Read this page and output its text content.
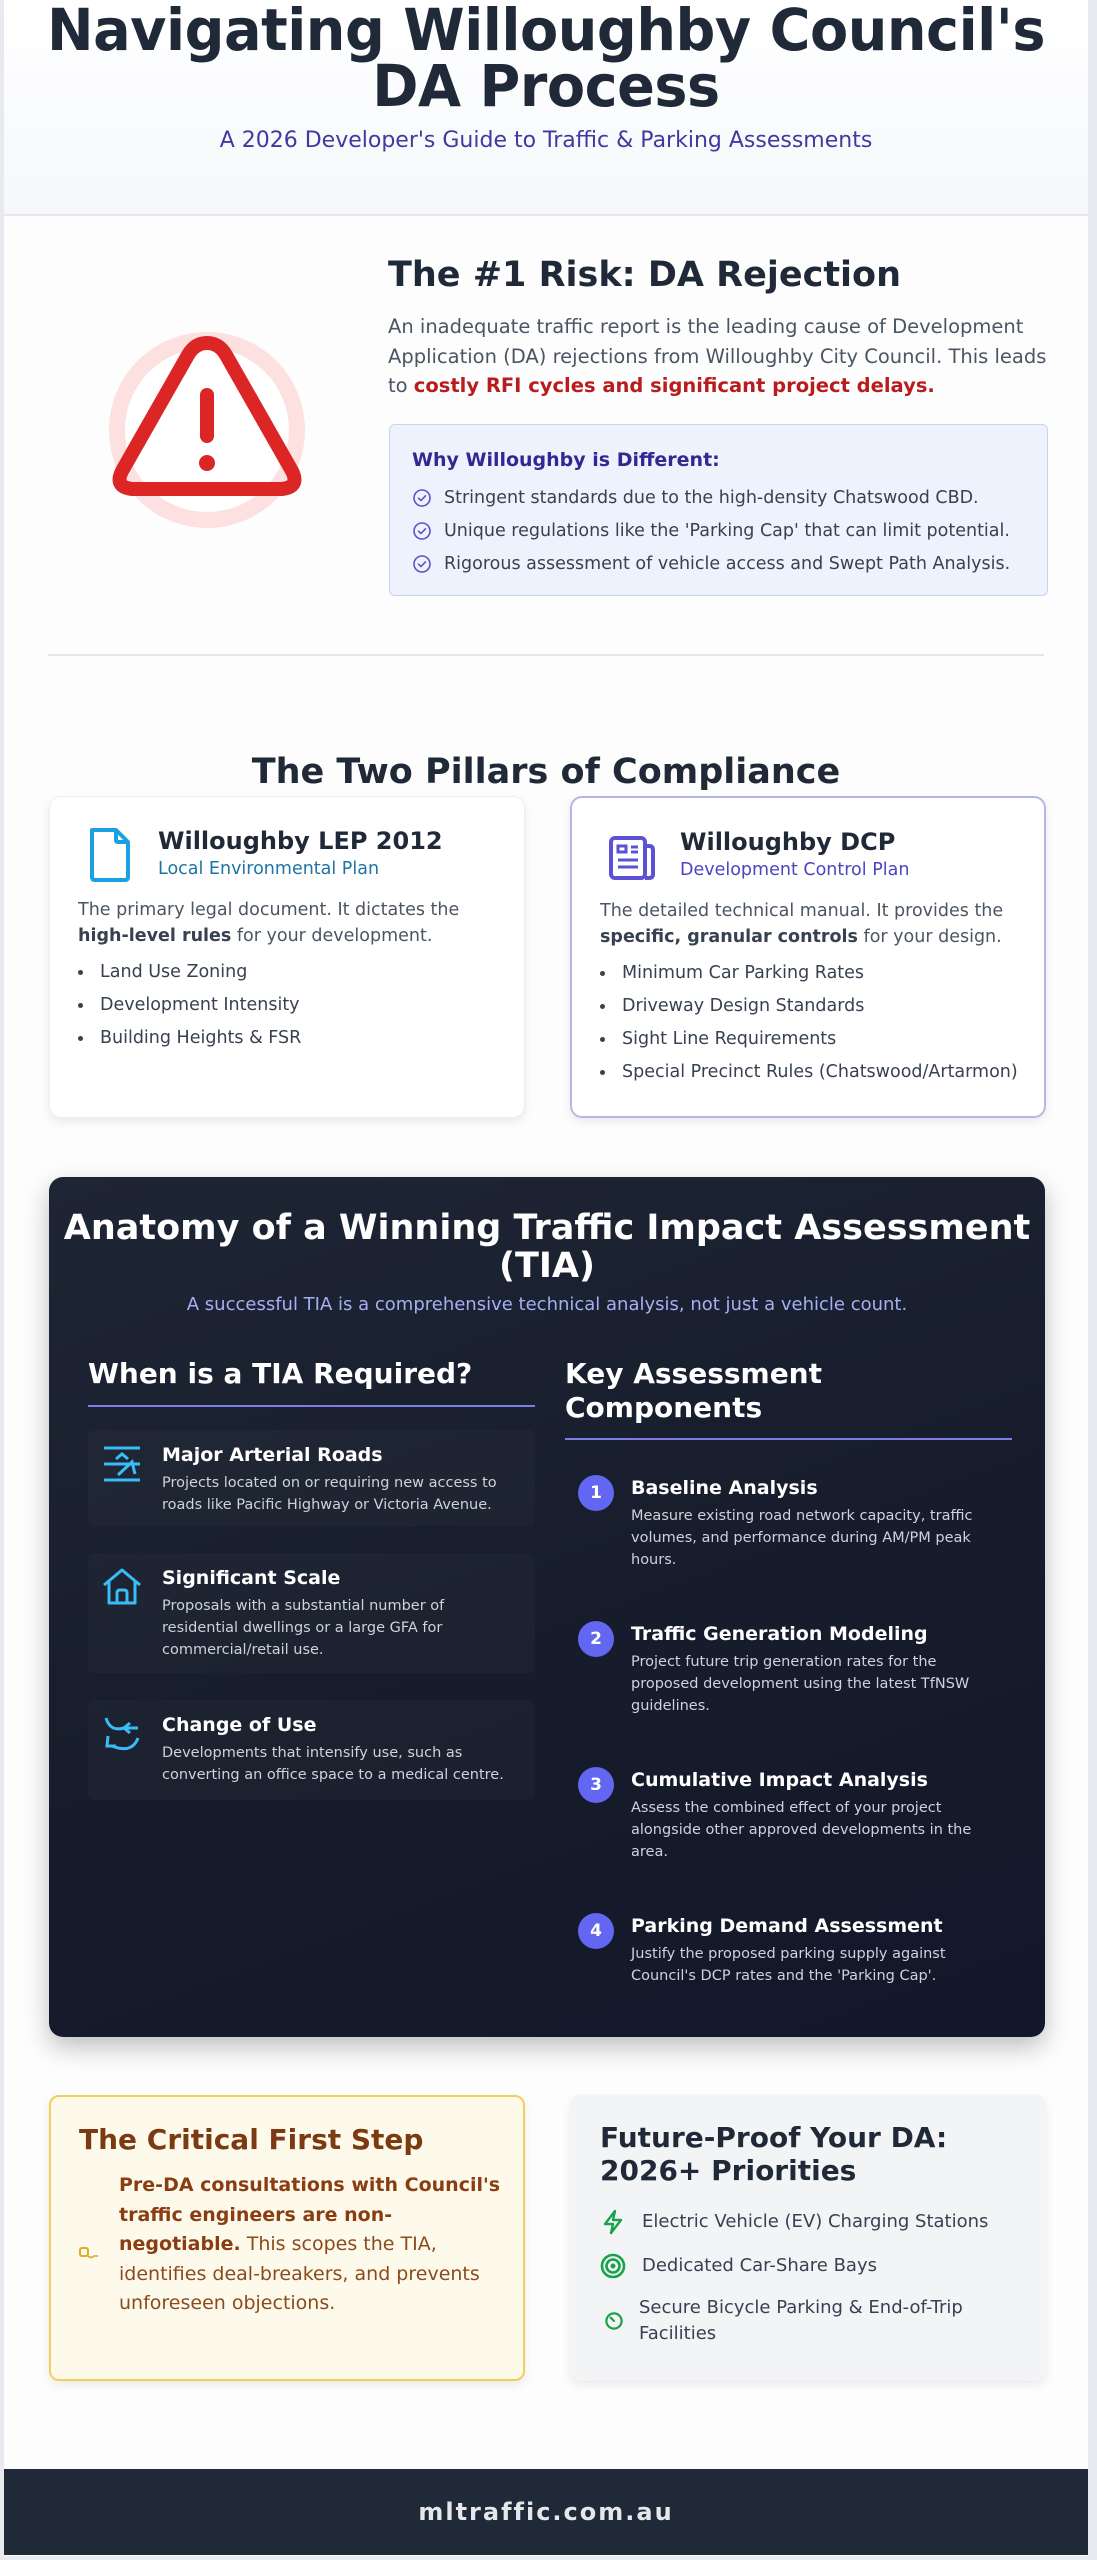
Navigating Willoughby Council's DA Process
A 2026 Developer's Guide to Traffic & Parking Assessments
The #1 Risk: DA Rejection

An inadequate traffic report is the leading cause of Development Application (DA) rejections from Willoughby City Council. This leads to costly RFI cycles and significant project delays.

Why Willoughby is Different:
Stringent standards due to the high-density Chatswood CBD.
Unique regulations like the 'Parking Cap' that can limit potential.
Rigorous assessment of vehicle access and Swept Path Analysis.
The Two Pillars of Compliance
Willoughby LEP 2012
Local Environmental Plan

The primary legal document. It dictates the high-level rules for your development.

Land Use Zoning
Development Intensity
Building Heights & FSR
Willoughby DCP
Development Control Plan

The detailed technical manual. It provides the specific, granular controls for your design.

Minimum Car Parking Rates
Driveway Design Standards
Sight Line Requirements
Special Precinct Rules (Chatswood/Artarmon)
Anatomy of a Winning Traffic Impact Assessment (TIA)
A successful TIA is a comprehensive technical analysis, not just a vehicle count.
When is a TIA Required?
Major Arterial Roads
Projects located on or requiring new access to roads like Pacific Highway or Victoria Avenue.
Significant Scale
Proposals with a substantial number of residential dwellings or a large GFA for commercial/retail use.
Change of Use
Developments that intensify use, such as converting an office space to a medical centre.
Key Assessment Components
1	Baseline Analysis
Measure existing road network capacity, traffic volumes, and performance during AM/PM peak hours.
2	Traffic Generation Modeling
Project future trip generation rates for the proposed development using the latest TfNSW guidelines.
3	Cumulative Impact Analysis
Assess the combined effect of your project alongside other approved developments in the area.
4	Parking Demand Assessment
Justify the proposed parking supply against Council's DCP rates and the 'Parking Cap'.
The Critical First Step

Pre-DA consultations with Council's traffic engineers are non-negotiable. This scopes the TIA, identifies deal-breakers, and prevents unforeseen objections.

Future-Proof Your DA: 2026+ Priorities
Electric Vehicle (EV) Charging Stations
Dedicated Car-Share Bays
Secure Bicycle Parking & End-of-Trip Facilities
mltraffic.com.au
